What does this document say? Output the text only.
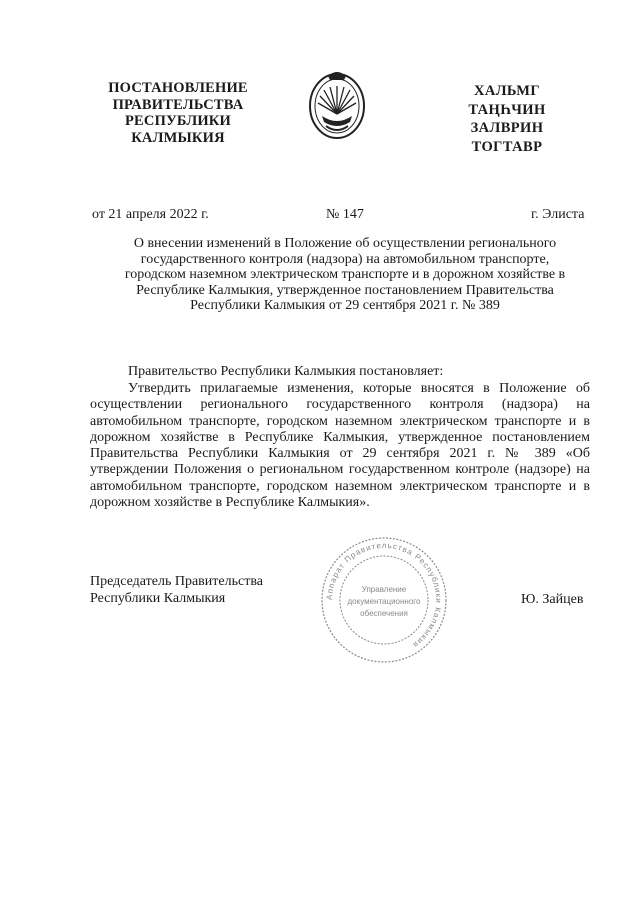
ПОСТАНОВЛЕНИЕ
ПРАВИТЕЛЬСТВА
РЕСПУБЛИКИ
КАЛМЫКИЯ
ХАЛЬМГ
ТАҢҺЧИН
ЗАЛВРИН
ТОГТАВР
от 21 апреля 2022 г.	№ 147	г. Элиста
О внесении изменений в Положение об осуществлении регионального
государственного контроля (надзора) на автомобильном транспорте,
городском наземном электрическом транспорте и в дорожном хозяйстве в
Республике Калмыкия, утвержденное постановлением Правительства
Республики Калмыкия от 29 сентября 2021 г. № 389
Правительство Республики Калмыкия постановляет:
Утвердить прилагаемые изменения, которые вносятся в Положение об осуществлении регионального государственного контроля (надзора) на автомобильном транспорте, городском наземном электрическом транспорте и в дорожном хозяйстве в Республике Калмыкия, утвержденное постановлением Правительства Республики Калмыкия от 29 сентября 2021 г. № 389 «Об утверждении Положения о региональном государственном контроле (надзоре) на автомобильном транспорте, городском наземном электрическом транспорте и в дорожном хозяйстве в Республике Калмыкия».
Председатель Правительства
Республики Калмыкия	Ю. Зайцев
Аппарат Правительства Республики Калмыкия
Управление
документационного
обеспечения
